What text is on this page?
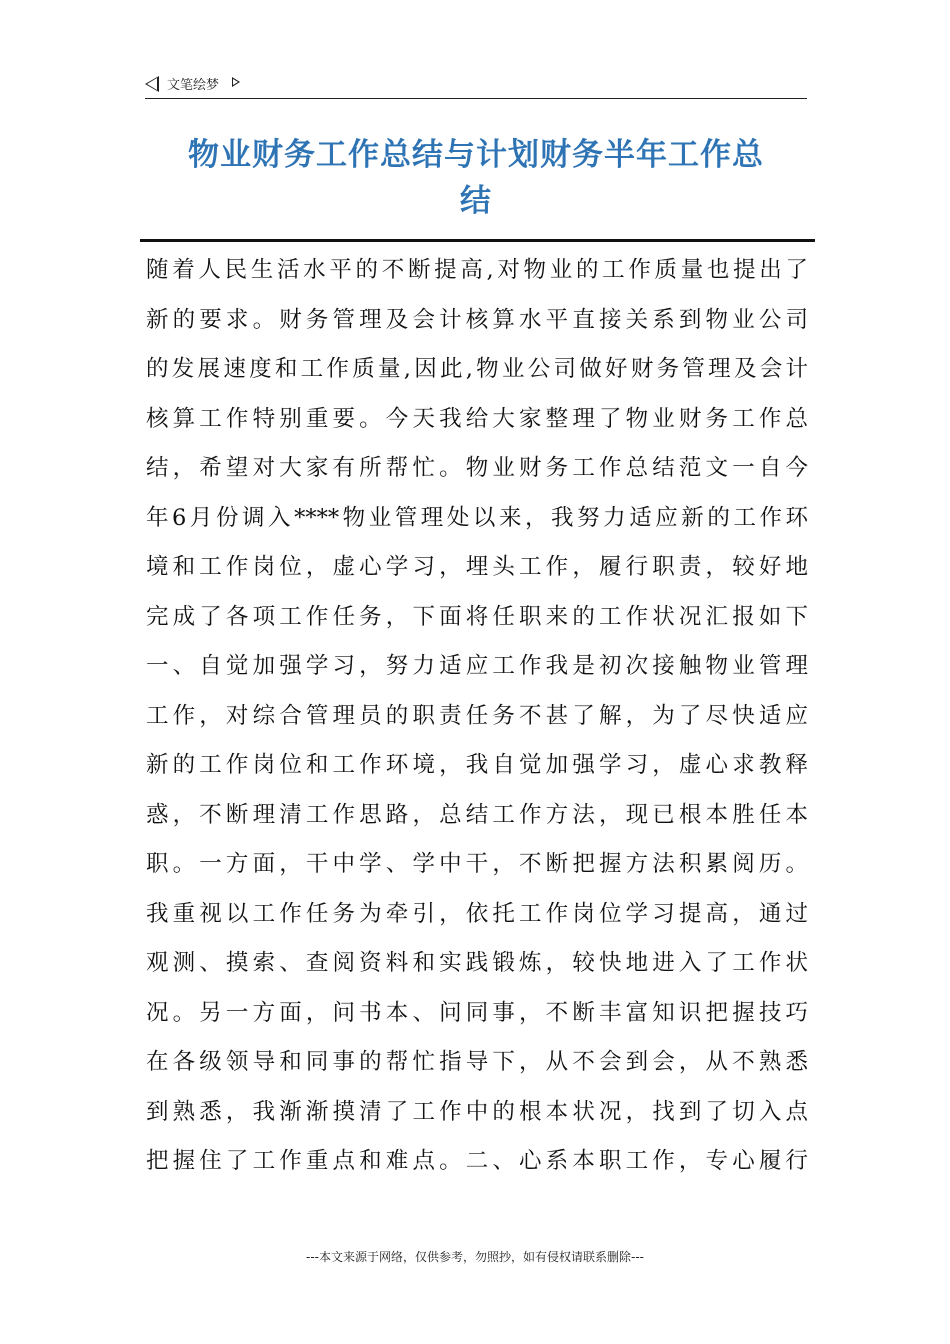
文笔绘梦
物业财务工作总结与计划财务半年工作总
结
随着人民生活水平的不断提高,对物业的工作质量也提出了
新的要求。财务管理及会计核算水平直接关系到物业公司
的发展速度和工作质量,因此,物业公司做好财务管理及会计
核算工作特别重要。今天我给大家整理了物业财务工作总
结，希望对大家有所帮忙。物业财务工作总结范文一自今
年6月份调入****物业管理处以来，我努力适应新的工作环
境和工作岗位，虚心学习，埋头工作，履行职责，较好地
完成了各项工作任务，下面将任职来的工作状况汇报如下
一、自觉加强学习，努力适应工作我是初次接触物业管理
工作，对综合管理员的职责任务不甚了解，为了尽快适应
新的工作岗位和工作环境，我自觉加强学习，虚心求教释
惑，不断理清工作思路，总结工作方法，现已根本胜任本
职。一方面，干中学、学中干，不断把握方法积累阅历。
我重视以工作任务为牵引，依托工作岗位学习提高，通过
观测、摸索、查阅资料和实践锻炼，较快地进入了工作状
况。另一方面，问书本、问同事，不断丰富知识把握技巧
在各级领导和同事的帮忙指导下，从不会到会，从不熟悉
到熟悉，我渐渐摸清了工作中的根本状况，找到了切入点
把握住了工作重点和难点。二、心系本职工作，专心履行
---本文来源于网络，仅供参考，勿照抄，如有侵权请联系删除---
